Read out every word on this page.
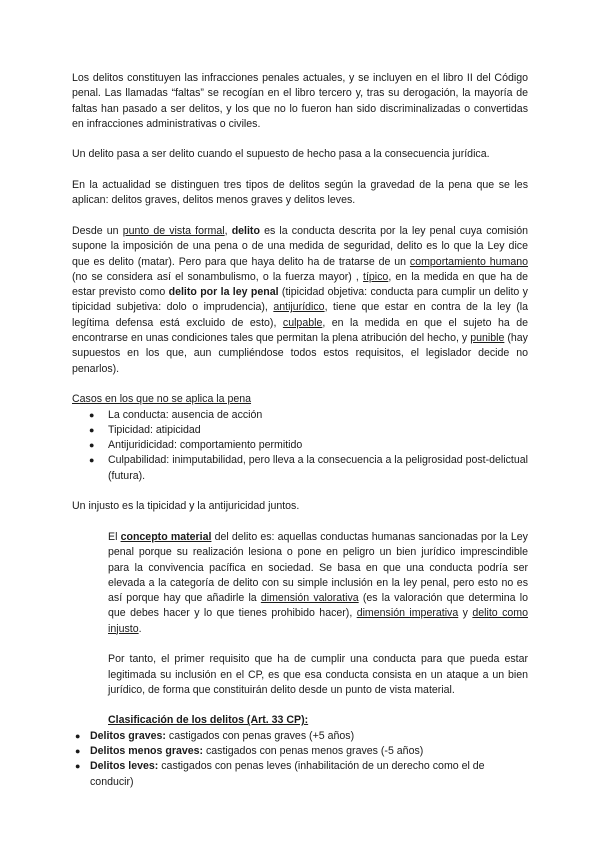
Los delitos constituyen las infracciones penales actuales, y se incluyen en el libro II del Código penal. Las llamadas “faltas” se recogían en el libro tercero y, tras su derogación, la mayoría de faltas han pasado a ser delitos, y los que no lo fueron han sido discriminalizadas o convertidas en infracciones administrativas o civiles.

Un delito pasa a ser delito cuando el supuesto de hecho pasa a la consecuencia jurídica.

En la actualidad se distinguen tres tipos de delitos según la gravedad de la pena que se les aplican: delitos graves, delitos menos graves y delitos leves.

Desde un punto de vista formal, delito es la conducta descrita por la ley penal cuya comisión supone la imposición de una pena o de una medida de seguridad, delito es lo que la Ley dice que es delito (matar). Pero para que haya delito ha de tratarse de un comportamiento humano (no se considera así el sonambulismo, o la fuerza mayor) , típico, en la medida en que ha de estar previsto como delito por la ley penal (tipicidad objetiva: conducta para cumplir un delito y tipicidad subjetiva: dolo o imprudencia), antijurídico, tiene que estar en contra de la ley (la legítima defensa está excluido de esto), culpable, en la medida en que el sujeto ha de encontrarse en unas condiciones tales que permitan la plena atribución del hecho, y punible (hay supuestos en los que, aun cumpliéndose todos estos requisitos, el legislador decide no penarlos).

Casos en los que no se aplica la pena

● La conducta: ausencia de acción
● Tipicidad: atipicidad
● Antijuridicidad: comportamiento permitido
● Culpabilidad: inimputabilidad, pero lleva a la consecuencia a la peligrosidad post-delictual (futura).

Un injusto es la tipicidad y la antijuricidad juntos.

El concepto material del delito es: aquellas conductas humanas sancionadas por la Ley penal porque su realización lesiona o pone en peligro un bien jurídico imprescindible para la convivencia pacífica en sociedad. Se basa en que una conducta podría ser elevada a la categoría de delito con su simple inclusión en la ley penal, pero esto no es así porque hay que añadirle la dimensión valorativa (es la valoración que determina lo que debes hacer y lo que tienes prohibido hacer), dimensión imperativa y delito como injusto.

Por tanto, el primer requisito que ha de cumplir una conducta para que pueda estar legitimada su inclusión en el CP, es que esa conducta consista en un ataque a un bien jurídico, de forma que constituirán delito desde un punto de vista material.

Clasificación de los delitos (Art. 33 CP):

● Delitos graves: castigados con penas graves (+5 años)
● Delitos menos graves: castigados con penas menos graves (-5 años)
● Delitos leves: castigados con penas leves (inhabilitación de un derecho como el de conducir)
